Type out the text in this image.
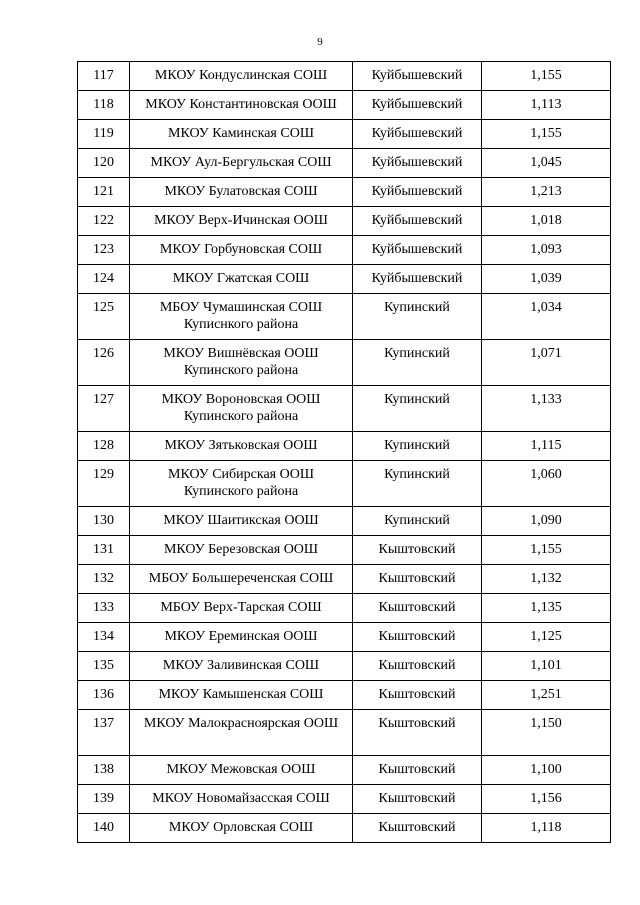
9
117	МКОУ Кондуслинская СОШ	Куйбышевский	1,155
118	МКОУ Константиновская ООШ	Куйбышевский	1,113
119	МКОУ Каминская СОШ	Куйбышевский	1,155
120	МКОУ Аул-Бергульская СОШ	Куйбышевский	1,045
121	МКОУ Булатовская СОШ	Куйбышевский	1,213
122	МКОУ Верх-Ичинская ООШ	Куйбышевский	1,018
123	МКОУ Горбуновская СОШ	Куйбышевский	1,093
124	МКОУ Гжатская СОШ	Куйбышевский	1,039
125	МБОУ Чумашинская СОШ Куписнкого района	Купинский	1,034
126	МКОУ Вишнёвская ООШ Купинского района	Купинский	1,071
127	МКОУ Вороновская ООШ Купинского района	Купинский	1,133
128	МКОУ Зятьковская ООШ	Купинский	1,115
129	МКОУ Сибирская ООШ Купинского района	Купинский	1,060
130	МКОУ Шаитикская ООШ	Купинский	1,090
131	МКОУ Березовская ООШ	Кыштовский	1,155
132	МБОУ Большереченская СОШ	Кыштовский	1,132
133	МБОУ Верх-Тарская СОШ	Кыштовский	1,135
134	МКОУ Ереминская ООШ	Кыштовский	1,125
135	МКОУ Заливинская СОШ	Кыштовский	1,101
136	МКОУ Камышенская СОШ	Кыштовский	1,251
137	МКОУ Малокрасноярская ООШ	Кыштовский	1,150
138	МКОУ Межовская ООШ	Кыштовский	1,100
139	МКОУ Новомайзасская СОШ	Кыштовский	1,156
140	МКОУ Орловская СОШ	Кыштовский	1,118
